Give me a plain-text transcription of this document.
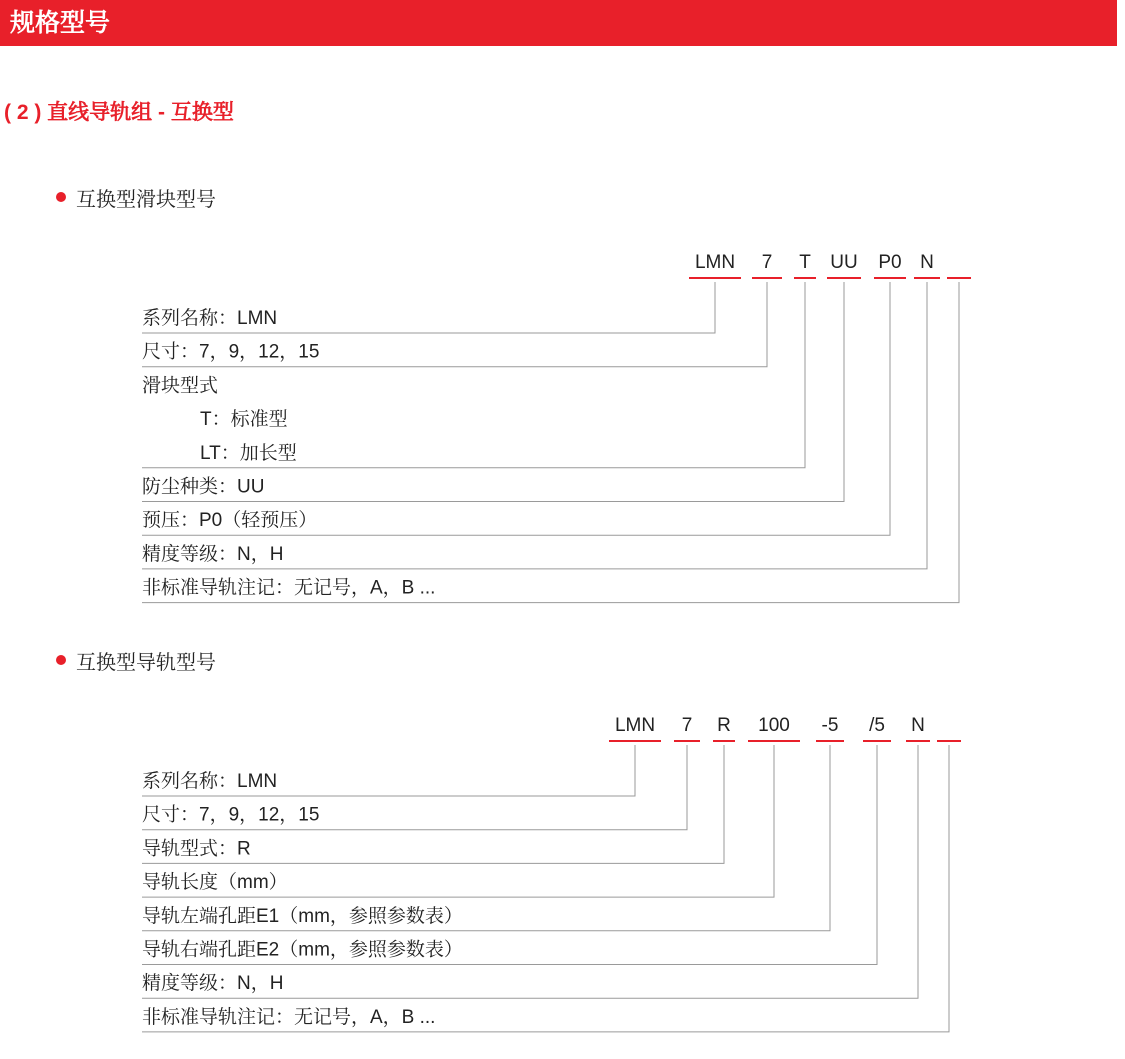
规格型号
( 2 ) 直线导轨组 - 互换型
互换型滑块型号
LMN 7 T UU P0 N
系列名称：LMN
尺寸：7，9，12，15
滑块型式
T：标准型
LT：加长型
防尘种类：UU
预压：P0（轻预压）
精度等级：N，H
非标准导轨注记：无记号，A，B ...
互换型导轨型号
LMN 7 R 100 -5 /5 N
系列名称：LMN
尺寸：7，9，12，15
导轨型式：R
导轨长度（mm）
导轨左端孔距E1（mm，参照参数表）
导轨右端孔距E2（mm，参照参数表）
精度等级：N，H
非标准导轨注记：无记号，A，B ...
